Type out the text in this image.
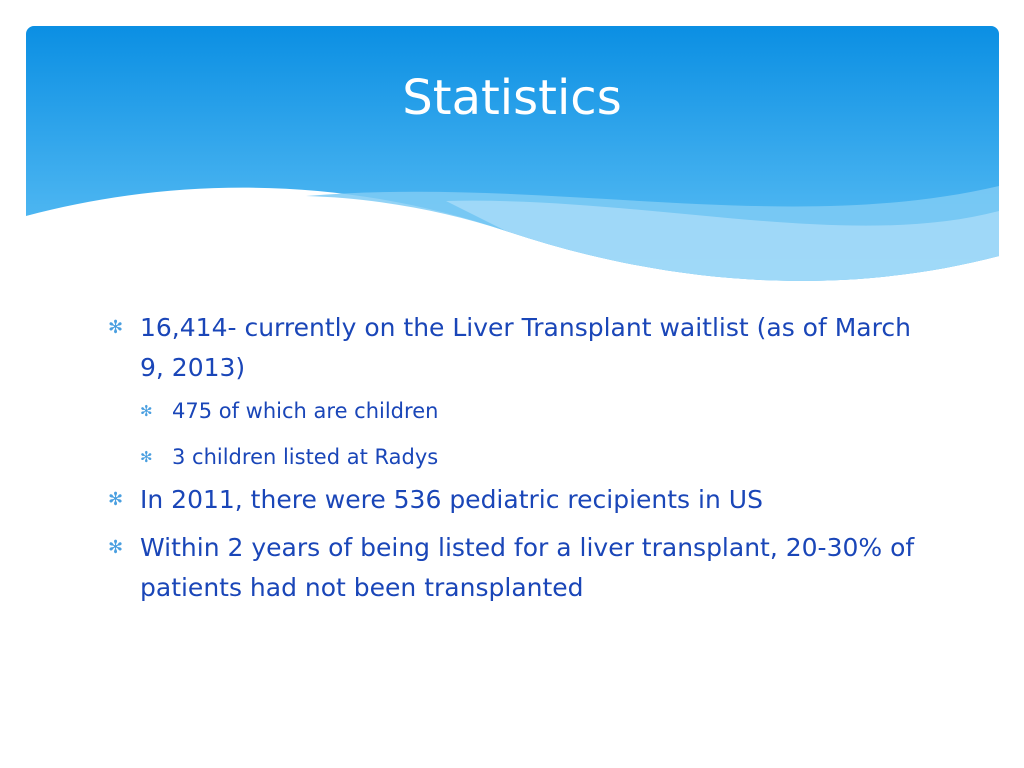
Statistics
✻ 16,414- currently on the Liver Transplant waitlist (as of March 9, 2013)
✻ 475 of which are children
✻ 3 children listed at Radys
✻ In 2011, there were 536 pediatric recipients in US
✻ Within 2 years of being listed for a liver transplant, 20-30% of patients had not been transplanted
